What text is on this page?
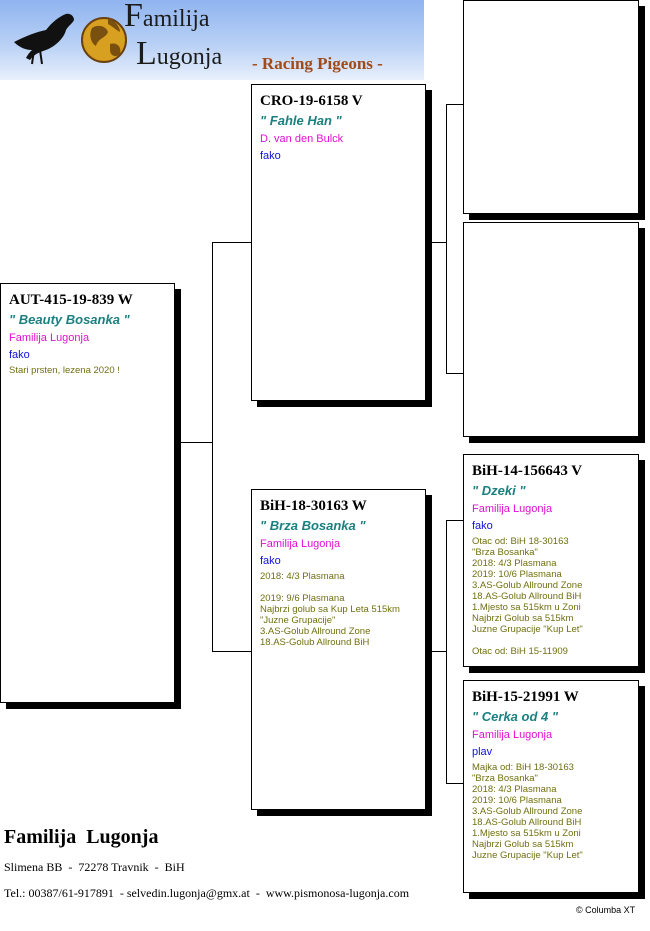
Familija
Lugonja - Racing Pigeons -
AUT-415-19-839 W
" Beauty Bosanka "
Familija Lugonja
fako
Stari prsten, lezena 2020 !
CRO-19-6158 V
" Fahle Han "
D. van den Bulck
fako
BiH-18-30163 W
" Brza Bosanka "
Familija Lugonja
fako
2018: 4/3 Plasmana
2019: 9/6 Plasmana
Najbrzi golub sa Kup Leta 515km
"Juzne Grupacije"
3.AS-Golub Allround Zone
18.AS-Golub Allround BiH
BiH-14-156643 V
" Dzeki "
Familija Lugonja
fako
Otac od: BiH 18-30163
"Brza Bosanka"
2018: 4/3 Plasmana
2019: 10/6 Plasmana
3.AS-Golub Allround Zone
18.AS-Golub Allround BiH
1.Mjesto sa 515km u Zoni
Najbrzi Golub sa 515km
Juzne Grupacije "Kup Let"
Otac od: BiH 15-11909
BiH-15-21991 W
" Cerka od 4 "
Familija Lugonja
plav
Majka od: BiH 18-30163
"Brza Bosanka"
2018: 4/3 Plasmana
2019: 10/6 Plasmana
3.AS-Golub Allround Zone
18.AS-Golub Allround BiH
1.Mjesto sa 515km u Zoni
Najbrzi Golub sa 515km
Juzne Grupacije "Kup Let"
Familija  Lugonja
Slimena BB  -  72278 Travnik  -  BiH
Tel.: 00387/61-917891  - selvedin.lugonja@gmx.at  -  www.pismonosa-lugonja.com
© Columba XT
